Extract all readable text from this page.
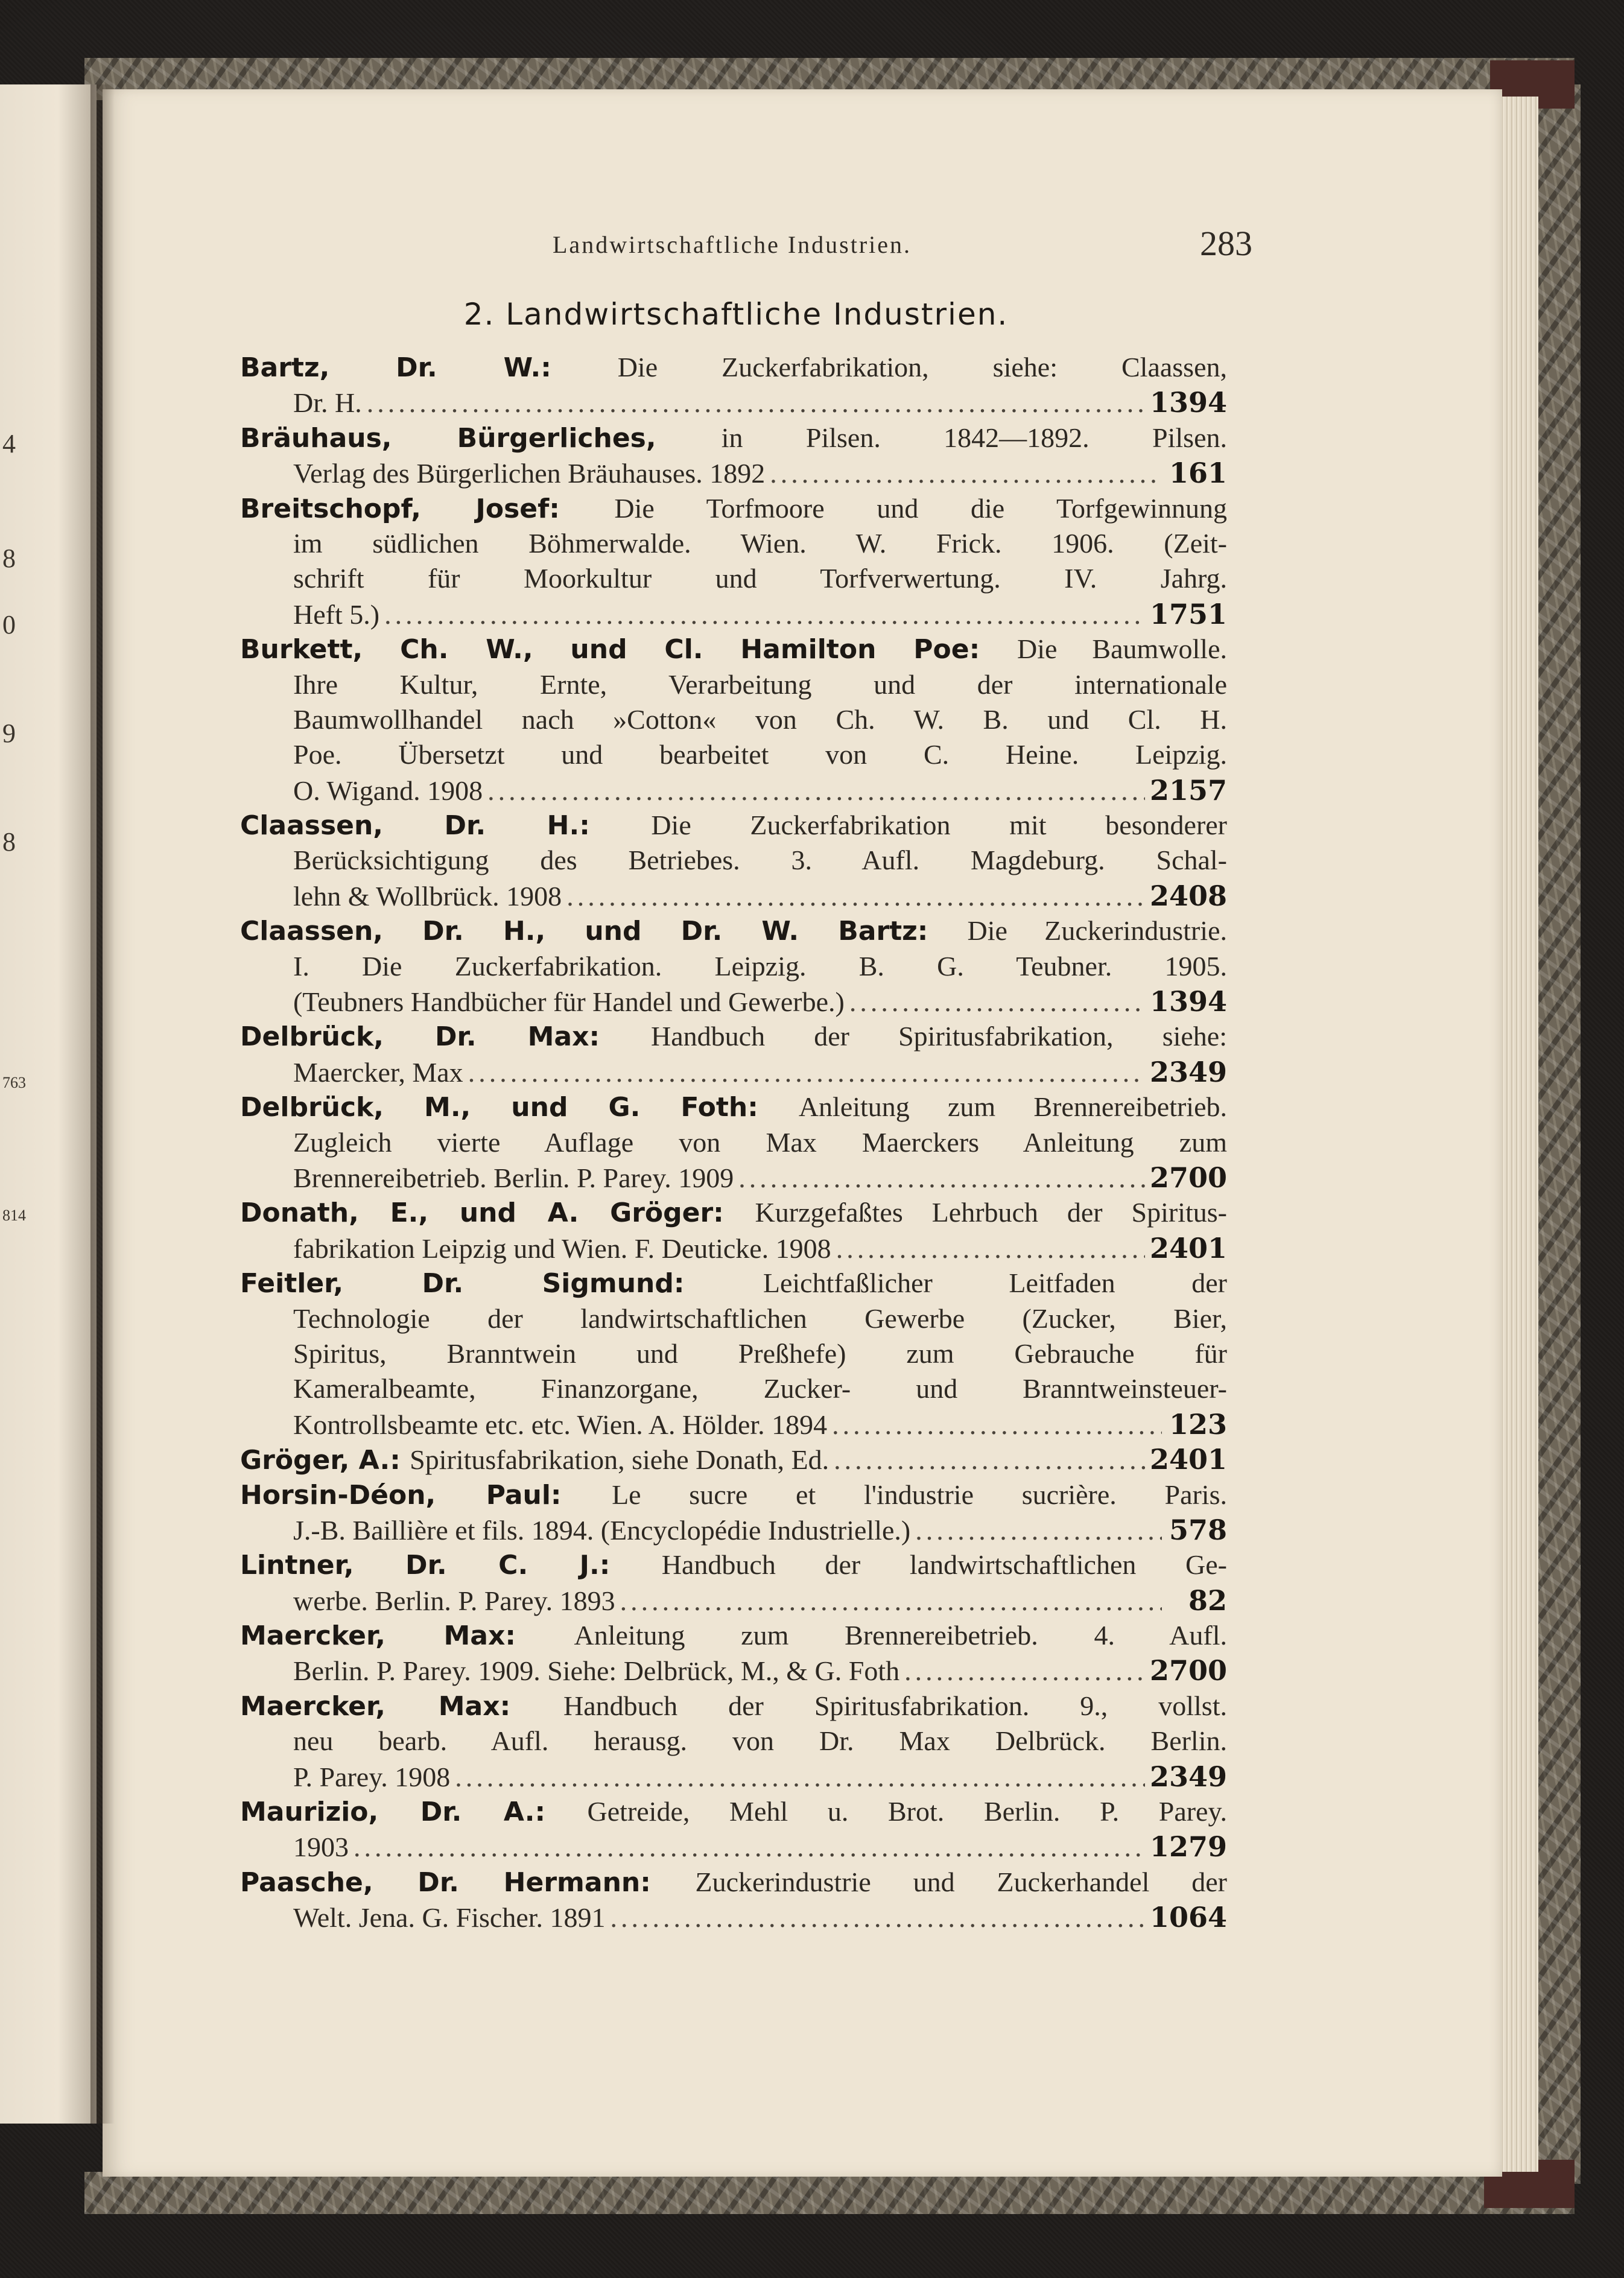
4
8
0
9
8
763
814
Landwirtschaftliche Industrien.	283
2. Landwirtschaftliche Industrien.
Bartz, Dr. W.: Die Zuckerfabrikation, siehe: Claassen,
Dr. H. .....	1394
Bräuhaus, Bürgerliches, in Pilsen. 1842—1892. Pilsen.
Verlag des Bürgerlichen Bräuhauses. 1892 .....	161
Breitschopf, Josef: Die Torfmoore und die Torfgewinnung
im südlichen Böhmerwalde. Wien. W. Frick. 1906. (Zeit-
schrift für Moorkultur und Torfverwertung. IV. Jahrg.
Heft 5.) .....	1751
Burkett, Ch. W., und Cl. Hamilton Poe: Die Baumwolle.
Ihre Kultur, Ernte, Verarbeitung und der internationale
Baumwollhandel nach »Cotton« von Ch. W. B. und Cl. H.
Poe. Übersetzt und bearbeitet von C. Heine. Leipzig.
O. Wigand. 1908 .....	2157
Claassen, Dr. H.: Die Zuckerfabrikation mit besonderer
Berücksichtigung des Betriebes. 3. Aufl. Magdeburg. Schal-
lehn & Wollbrück. 1908 .....	2408
Claassen, Dr. H., und Dr. W. Bartz: Die Zuckerindustrie.
I. Die Zuckerfabrikation. Leipzig. B. G. Teubner. 1905.
(Teubners Handbücher für Handel und Gewerbe.) .....	1394
Delbrück, Dr. Max: Handbuch der Spiritusfabrikation, siehe:
Maercker, Max .....	2349
Delbrück, M., und G. Foth: Anleitung zum Brennereibetrieb.
Zugleich vierte Auflage von Max Maerckers Anleitung zum
Brennereibetrieb. Berlin. P. Parey. 1909 .....	2700
Donath, E., und A. Gröger: Kurzgefaßtes Lehrbuch der Spiritus-
fabrikation Leipzig und Wien. F. Deuticke. 1908 .....	2401
Feitler, Dr. Sigmund: Leichtfaßlicher Leitfaden der
Technologie der landwirtschaftlichen Gewerbe (Zucker, Bier,
Spiritus, Branntwein und Preßhefe) zum Gebrauche für
Kameralbeamte, Finanzorgane, Zucker- und Branntweinsteuer-
Kontrollsbeamte etc. etc. Wien. A. Hölder. 1894 .....	123
Gröger, A.: Spiritusfabrikation, siehe Donath, Ed. .....	2401
Horsin-Déon, Paul: Le sucre et l'industrie sucrière. Paris.
J.-B. Baillière et fils. 1894. (Encyclopédie Industrielle.) .....	578
Lintner, Dr. C. J.: Handbuch der landwirtschaftlichen Ge-
werbe. Berlin. P. Parey. 1893 .....	82
Maercker, Max: Anleitung zum Brennereibetrieb. 4. Aufl.
Berlin. P. Parey. 1909. Siehe: Delbrück, M., & G. Foth .....	2700
Maercker, Max: Handbuch der Spiritusfabrikation. 9., vollst.
neu bearb. Aufl. herausg. von Dr. Max Delbrück. Berlin.
P. Parey. 1908 .....	2349
Maurizio, Dr. A.: Getreide, Mehl u. Brot. Berlin. P. Parey.
1903 .....	1279
Paasche, Dr. Hermann: Zuckerindustrie und Zuckerhandel der
Welt. Jena. G. Fischer. 1891 .....	1064
